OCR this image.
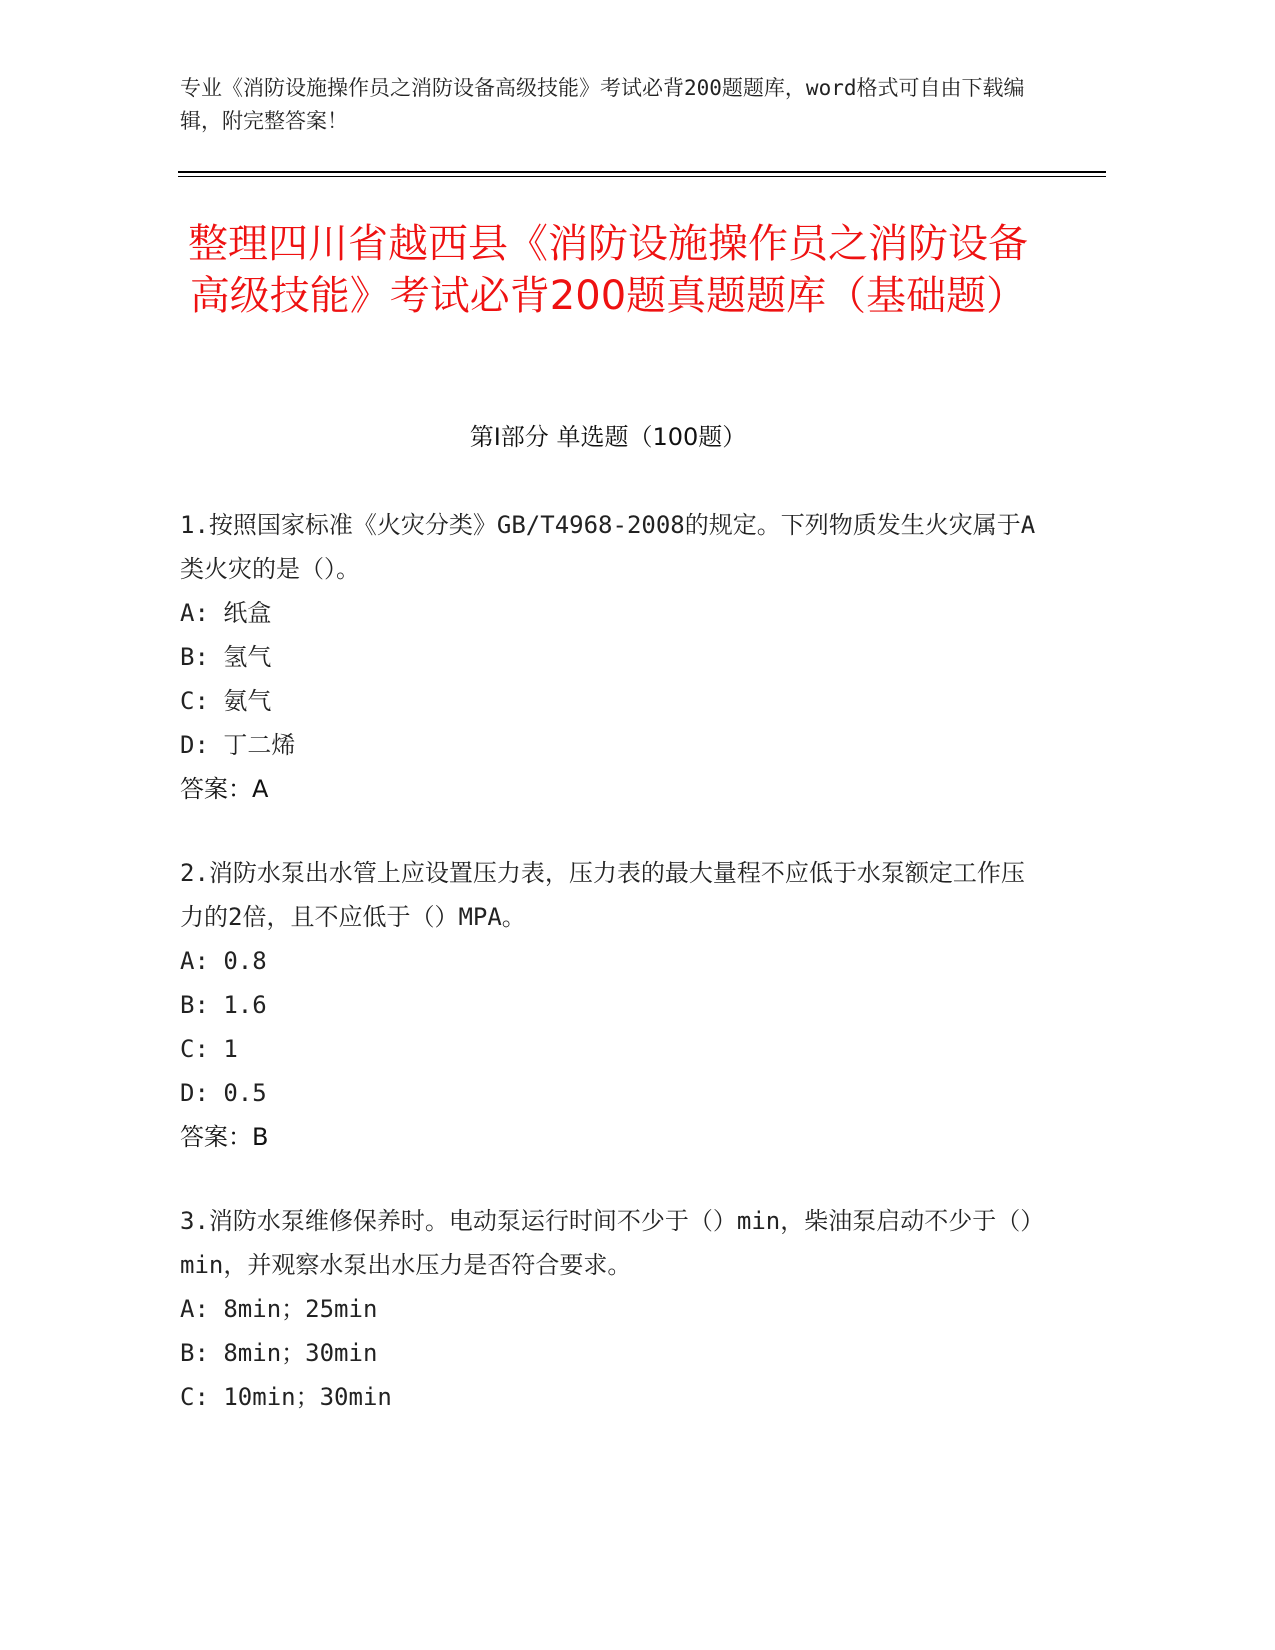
专业《消防设施操作员之消防设备高级技能》考试必背200题题库，word格式可自由下载编辑，附完整答案！
整理四川省越西县《消防设施操作员之消防设备高级技能》考试必背200题真题题库（基础题）
第I部分 单选题（100题）
1.按照国家标准《火灾分类》GB/T4968-2008的规定。下列物质发生火灾属于A类火灾的是（）。
A: 纸盒
B: 氢气
C: 氨气
D: 丁二烯
答案：A
2.消防水泵出水管上应设置压力表，压力表的最大量程不应低于水泵额定工作压力的2倍，且不应低于（）MPA。
A: 0.8
B: 1.6
C: 1
D: 0.5
答案：B
3.消防水泵维修保养时。电动泵运行时间不少于（）min，柴油泵启动不少于（）min，并观察水泵出水压力是否符合要求。
A: 8min；25min
B: 8min；30min
C: 10min；30min
